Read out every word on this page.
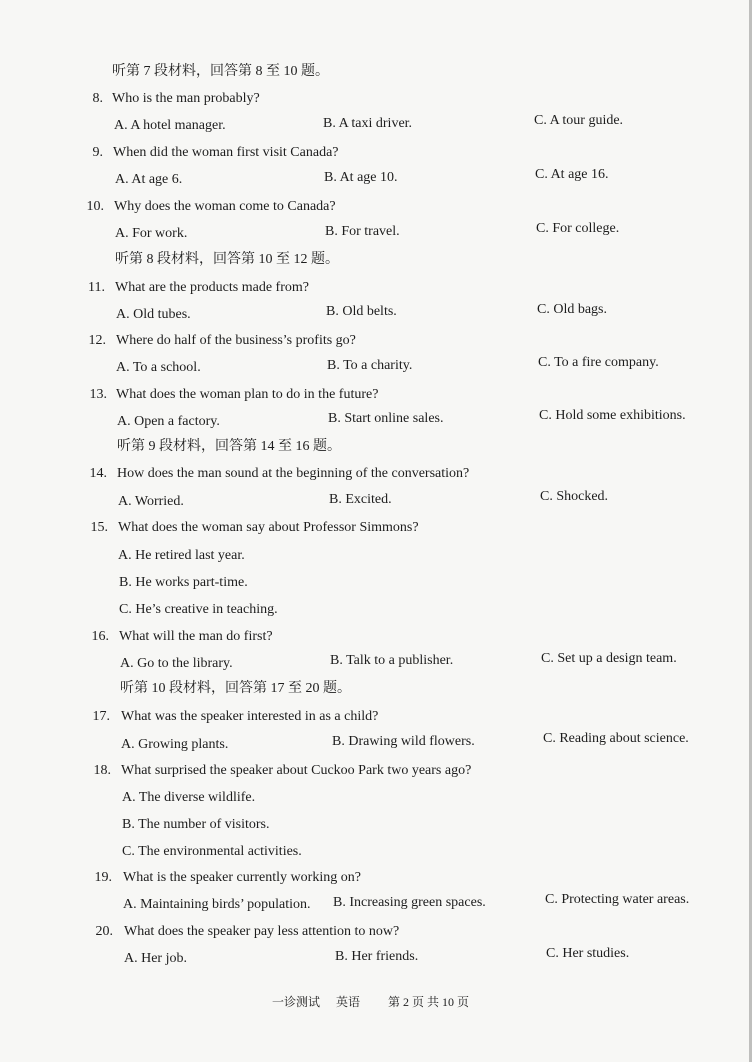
听第 7 段材料，回答第 8 至 10 题。
听第 8 段材料，回答第 10 至 12 题。
听第 9 段材料，回答第 14 至 16 题。
听第 10 段材料，回答第 17 至 20 题。
8. Who is the man probably?
A. A hotel manager.	B. A taxi driver.	C. A tour guide.
9. When did the woman first visit Canada?
A. At age 6.	B. At age 10.	C. At age 16.
10. Why does the woman come to Canada?
A. For work.	B. For travel.	C. For college.
11. What are the products made from?
A. Old tubes.	B. Old belts.	C. Old bags.
12. Where do half of the business’s profits go?
A. To a school.	B. To a charity.	C. To a fire company.
13. What does the woman plan to do in the future?
A. Open a factory.	B. Start online sales.	C. Hold some exhibitions.
14. How does the man sound at the beginning of the conversation?
A. Worried.	B. Excited.	C. Shocked.
15. What does the woman say about Professor Simmons?
A. He retired last year.
B. He works part-time.
C. He’s creative in teaching.
16. What will the man do first?
A. Go to the library.	B. Talk to a publisher.	C. Set up a design team.
17. What was the speaker interested in as a child?
A. Growing plants.	B. Drawing wild flowers.	C. Reading about science.
18. What surprised the speaker about Cuckoo Park two years ago?
A. The diverse wildlife.
B. The number of visitors.
C. The environmental activities.
19. What is the speaker currently working on?
A. Maintaining birds’ population. B. Increasing green spaces.	C. Protecting water areas.
20. What does the speaker pay less attention to now?
A. Her job.	B. Her friends.	C. Her studies.
一诊测试 英语 第 2 页 共 10 页
